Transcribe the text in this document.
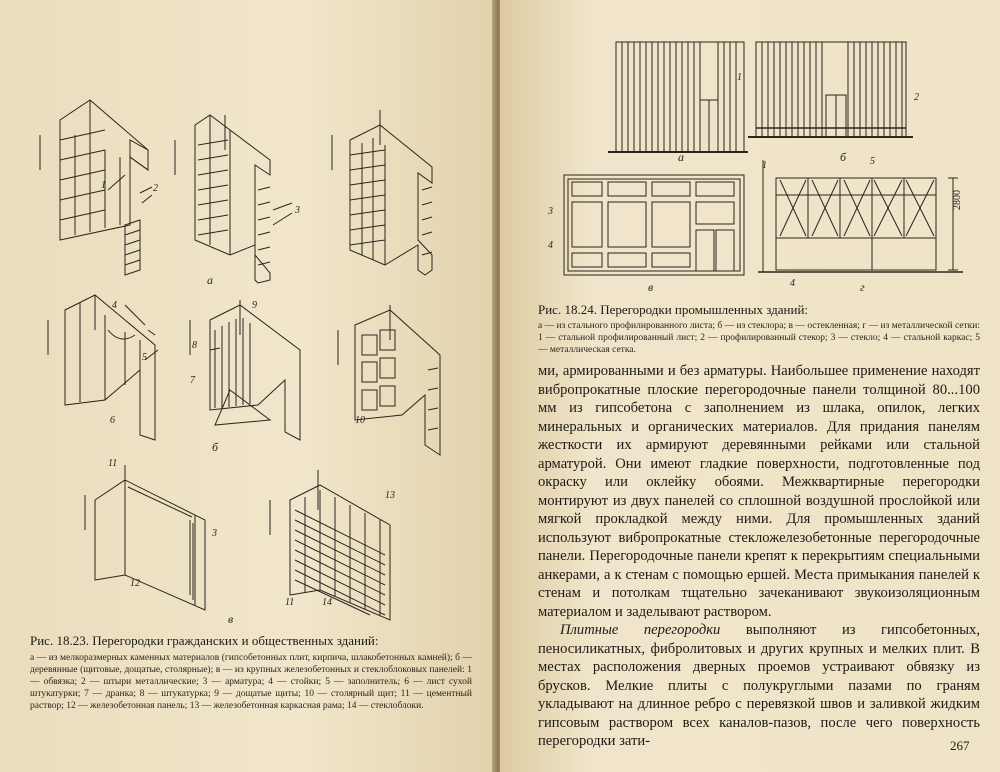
1	2
3
а
4
5
6
9
8
7
10
б
11
3
12
13
11	14
в
Рис. 18.23. Перегородки гражданских и общественных зданий:
а — из мелкоразмерных каменных материалов (гипсобетонных плит, кирпича, шлакобетонных камней); б — деревянные (щитовые, дощатые, столярные); в — из крупных железобетонных и стеклоблоковых панелей: 1 — обвязка; 2 — штыри металлические; 3 — арматура; 4 — стойки; 5 — заполнитель; 6 — лист сухой штукатурки; 7 — дранка; 8 — штукатурка; 9 — дощатые щиты; 10 — столярный щит; 11 — цементный раствор; 12 — железобетонная панель; 13 — железобетонная каркасная рама; 14 — стеклоблоки.
1
а
2
б
3
4
в
1	5
2800
4	г
Рис. 18.24. Перегородки промышленных зданий:
а — из стального профилированного листа; б — из стеклора; в — остекленная; г — из металлической сетки: 1 — стальной профилированный лист; 2 — профилированный стекор; 3 — стекло; 4 — стальной каркас; 5 — металлическая сетка.

ми, армированными и без арматуры. Наибольшее применение находят вибропрокатные плоские перегородочные панели толщиной 80...100 мм из гипсобетона с заполнением из шлака, опилок, легких минеральных и органических материалов. Для придания панелям жесткости их армируют деревянными рейками или стальной арматурой. Они имеют гладкие поверхности, подготовленные под окраску или оклейку обоями. Межквартирные перегородки монтируют из двух панелей со сплошной воздушной прослойкой или мягкой прокладкой между ними. Для промышленных зданий используют вибропрокатные стекложелезобетонные перегородочные панели. Перегородочные панели крепят к перекрытиям специальными анкерами, а к стенам с помощью ершей. Места примыкания панелей к стенам и потолкам тщательно зачеканивают звукоизоляционным материалом и заделывают раствором.

Плитные перегородки выполняют из гипсобетонных, пеносиликатных, фибролитовых и других крупных и мелких плит. В местах расположения дверных проемов устраивают обвязку из брусков. Мелкие плиты с полукруглыми пазами по граням укладывают на длинное ребро с перевязкой швов и заливкой жидким гипсовым раствором всех каналов-пазов, после чего поверхность перегородки зати-	267
